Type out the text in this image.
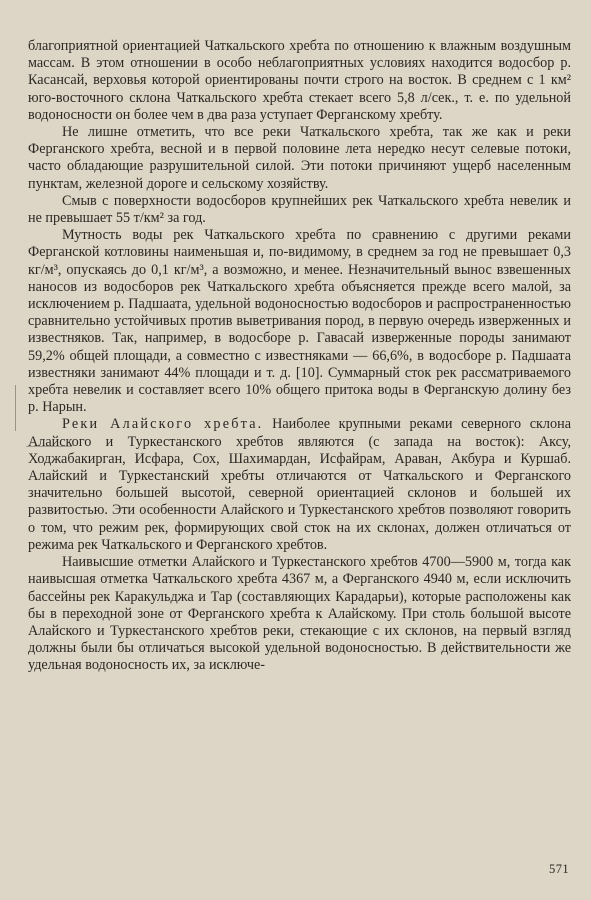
благоприятной ориентацией Чаткальского хребта по отношению к влажным воздушным массам. В этом отношении в особо неблагоприятных условиях находится водосбор р. Касансай, верховья которой ориентированы почти строго на восток. В среднем с 1 км² юго-восточного склона Чаткальского хребта стекает всего 5,8 л/сек., т. е. по удельной водоносности он более чем в два раза уступает Ферганскому хребту.

Не лишне отметить, что все реки Чаткальского хребта, так же как и реки Ферганского хребта, весной и в первой половине лета нередко несут селевые потоки, часто обладающие разрушительной силой. Эти потоки причиняют ущерб населенным пунктам, железной дороге и сельскому хозяйству.

Смыв с поверхности водосборов крупнейших рек Чаткальского хребта невелик и не превышает 55 т/км² за год.

Мутность воды рек Чаткальского хребта по сравнению с другими реками Ферганской котловины наименьшая и, по-видимому, в среднем за год не превышает 0,3 кг/м³, опускаясь до 0,1 кг/м³, а возможно, и менее. Незначительный вынос взвешенных наносов из водосборов рек Чаткальского хребта объясняется прежде всего малой, за исключением р. Падшаата, удельной водоносностью водосборов и распространенностью сравнительно устойчивых против выветривания пород, в первую очередь изверженных и известняков. Так, например, в водосборе р. Гавасай изверженные породы занимают 59,2% общей площади, а совместно с известняками — 66,6%, в водосборе р. Падшаата известняки занимают 44% площади и т. д. [10]. Суммарный сток рек рассматриваемого хребта невелик и составляет всего 10% общего притока воды в Ферганскую долину без р. Нарын.

Реки Алайского хребта. Наиболее крупными реками северного склона Алайского и Туркестанского хребтов являются (с запада на восток): Аксу, Ходжабакирган, Исфара, Сох, Шахимардан, Исфайрам, Араван, Акбура и Куршаб. Алайский и Туркестанский хребты отличаются от Чаткальского и Ферганского значительно большей высотой, северной ориентацией склонов и большей их развитостью. Эти особенности Алайского и Туркестанского хребтов позволяют говорить о том, что режим рек, формирующих свой сток на их склонах, должен отличаться от режима рек Чаткальского и Ферганского хребтов.

Наивысшие отметки Алайского и Туркестанского хребтов 4700—5900 м, тогда как наивысшая отметка Чаткальского хребта 4367 м, а Ферганского 4940 м, если исключить бассейны рек Каракульджа и Тар (составляющих Карадарьи), которые расположены как бы в переходной зоне от Ферганского хребта к Алайскому. При столь большой высоте Алайского и Туркестанского хребтов реки, стекающие с их склонов, на первый взгляд должны были бы отличаться высокой удельной водоносностью. В действительности же удельная водоносность их, за исключе-

571
